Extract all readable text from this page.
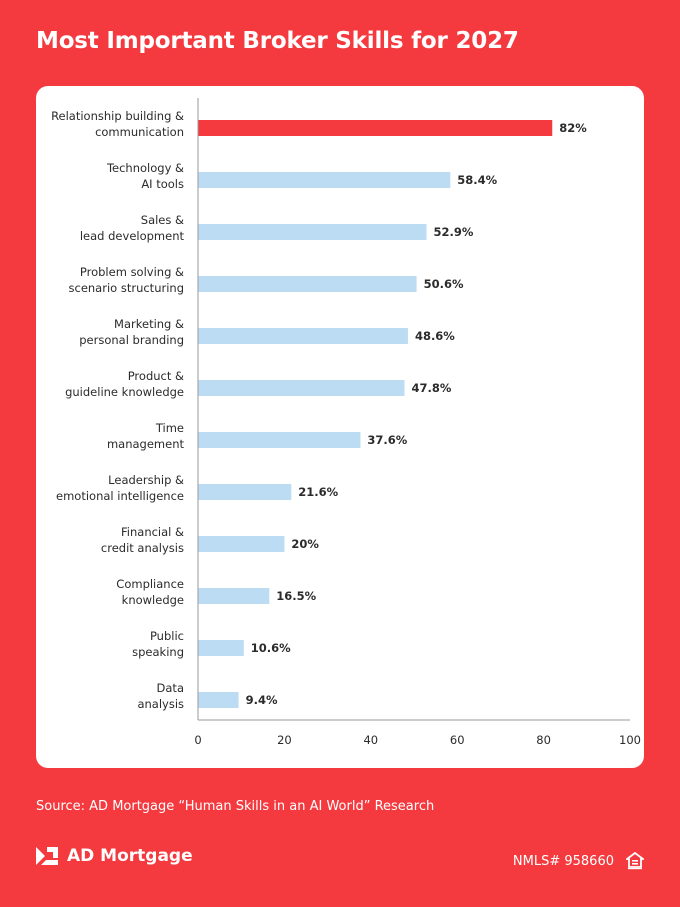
Most Important Broker Skills for 2027
Relationship building & communication	82%
Technology & AI tools	58.4%
Sales & lead development	52.9%
Problem solving & scenario structuring	50.6%
Marketing & personal branding	48.6%
Product & guideline knowledge	47.8%
Time management	37.6%
Leadership & emotional intelligence	21.6%
Financial & credit analysis	20%
Compliance knowledge	16.5%
Public speaking	10.6%
Data analysis	9.4%
0	20	40	60	80	100
Source: AD Mortgage “Human Skills in an AI World” Research
AD Mortgage	NMLS# 958660
